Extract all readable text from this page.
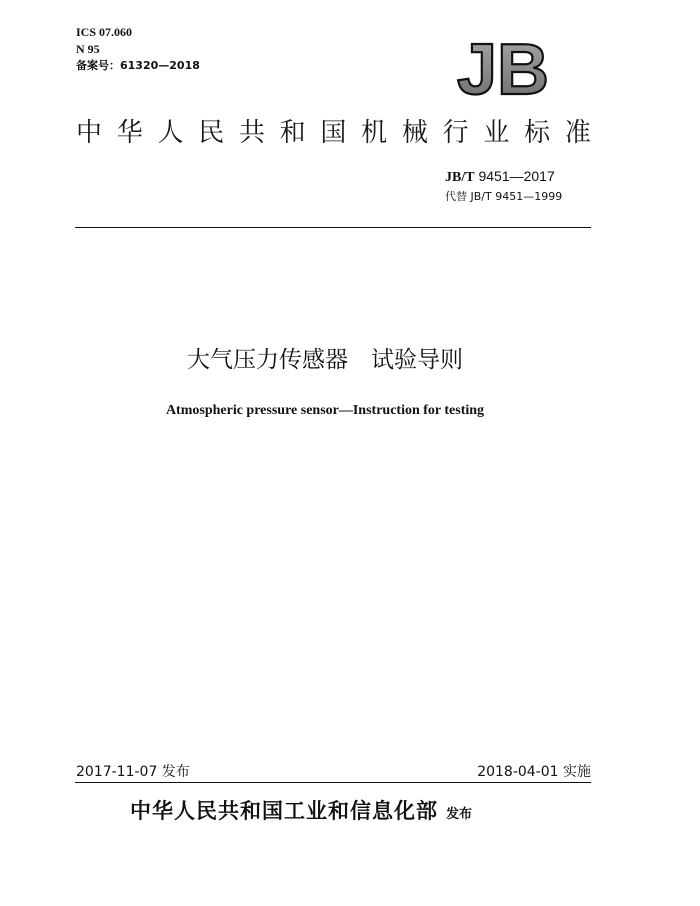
ICS 07.060
N 95
备案号：61320—2018	JB
中 华 人 民 共 和 国 机 械 行 业 标 准
JB/T 9451—2017
代替 JB/T 9451—1999
大气压力传感器　试验导则
Atmospheric pressure sensor—Instruction for testing
2017-11-07 发布	2018-04-01 实施
中华人民共和国工业和信息化部 发布
